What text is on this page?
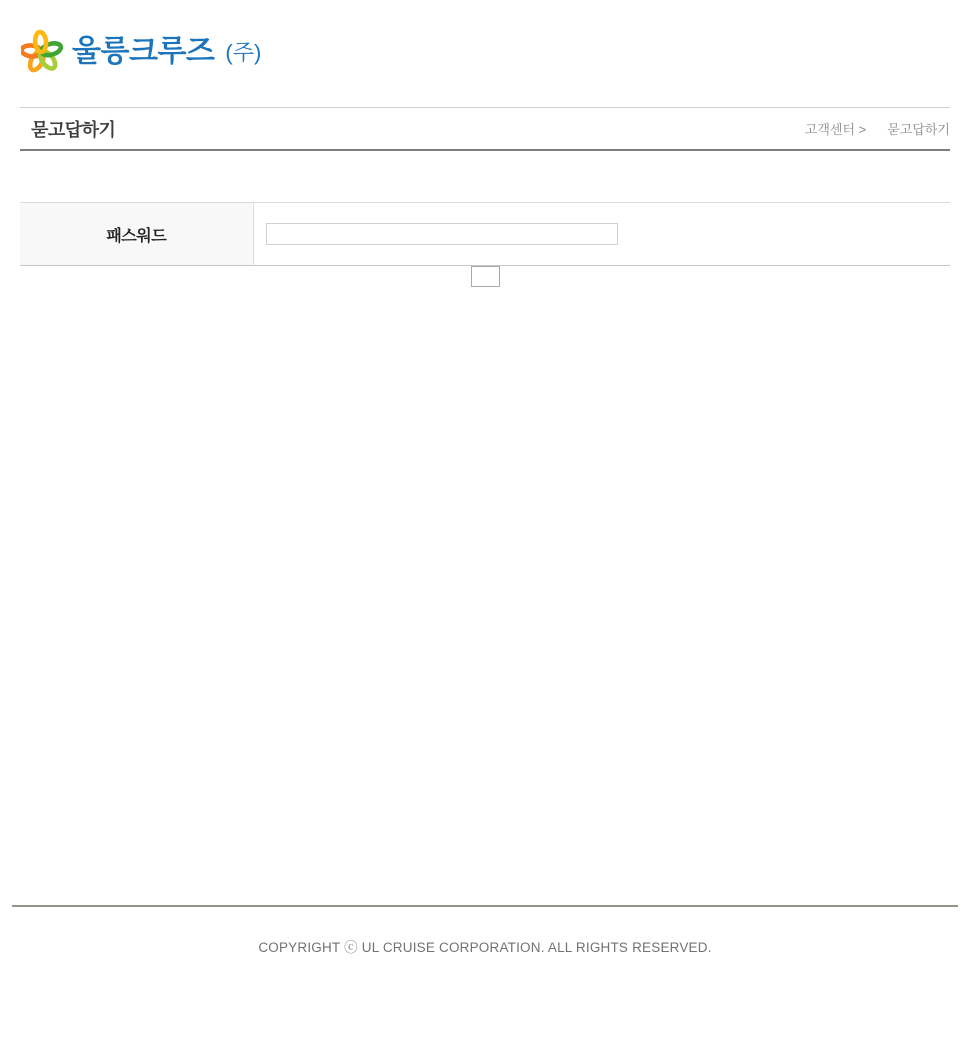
울릉크루즈 (주)
묻고답하기	고객센터 > 묻고답하기
패스워드	

COPYRIGHT ⓒ UL CRUISE CORPORATION. ALL RIGHTS RESERVED.
